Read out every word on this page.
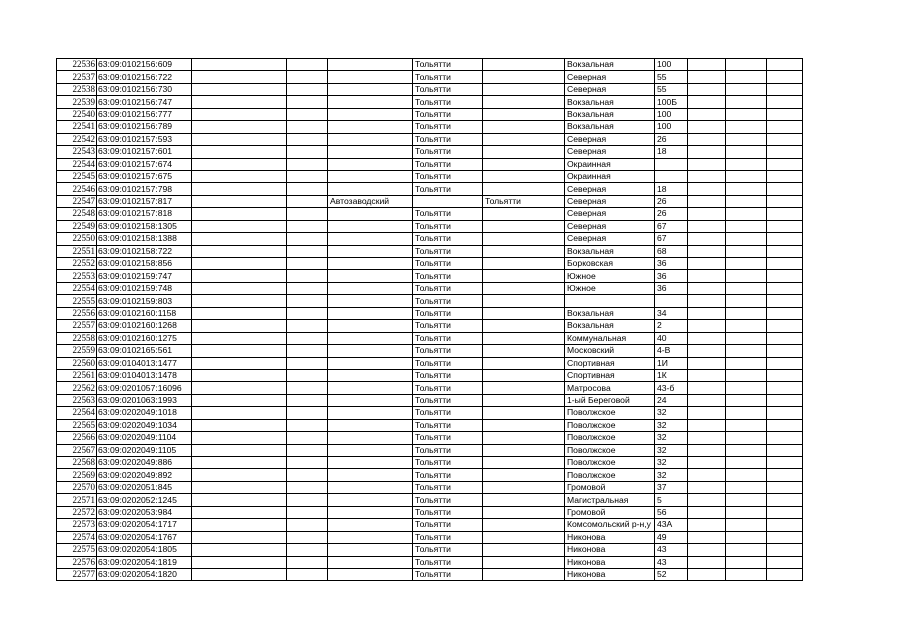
22536	63:09:0102156:609				Тольятти		Вокзальная	100			
22537	63:09:0102156:722				Тольятти		Северная	55			
22538	63:09:0102156:730				Тольятти		Северная	55			
22539	63:09:0102156:747				Тольятти		Вокзальная	100Б			
22540	63:09:0102156:777				Тольятти		Вокзальная	100			
22541	63:09:0102156:789				Тольятти		Вокзальная	100			
22542	63:09:0102157:593				Тольятти		Северная	26			
22543	63:09:0102157:601				Тольятти		Северная	18			
22544	63:09:0102157:674				Тольятти		Окраинная				
22545	63:09:0102157:675				Тольятти		Окраинная				
22546	63:09:0102157:798				Тольятти		Северная	18			
22547	63:09:0102157:817			Автозаводский		Тольятти	Северная	26			
22548	63:09:0102157:818				Тольятти		Северная	26			
22549	63:09:0102158:1305				Тольятти		Северная	67			
22550	63:09:0102158:1388				Тольятти		Северная	67			
22551	63:09:0102158:722				Тольятти		Вокзальная	68			
22552	63:09:0102158:856				Тольятти		Борковская	36			
22553	63:09:0102159:747				Тольятти		Южное	36			
22554	63:09:0102159:748				Тольятти		Южное	36			
22555	63:09:0102159:803				Тольятти						
22556	63:09:0102160:1158				Тольятти		Вокзальная	34			
22557	63:09:0102160:1268				Тольятти		Вокзальная	2			
22558	63:09:0102160:1275				Тольятти		Коммунальная	40			
22559	63:09:0102165:561				Тольятти		Московский	4-В			
22560	63:09:0104013:1477				Тольятти		Спортивная	1И			
22561	63:09:0104013:1478				Тольятти		Спортивная	1К			
22562	63:09:0201057:16096				Тольятти		Матросова	43-б			
22563	63:09:0201063:1993				Тольятти		1-ый Береговой	24			
22564	63:09:0202049:1018				Тольятти		Поволжское	32			
22565	63:09:0202049:1034				Тольятти		Поволжское	32			
22566	63:09:0202049:1104				Тольятти		Поволжское	32			
22567	63:09:0202049:1105				Тольятти		Поволжское	32			
22568	63:09:0202049:886				Тольятти		Поволжское	32			
22569	63:09:0202049:892				Тольятти		Поволжское	32			
22570	63:09:0202051:845				Тольятти		Громовой	37			
22571	63:09:0202052:1245				Тольятти		Магистральная	5			
22572	63:09:0202053:984				Тольятти		Громовой	56			
22573	63:09:0202054:1717				Тольятти		Комсомольский р-н,у	43А			
22574	63:09:0202054:1767				Тольятти		Никонова	49			
22575	63:09:0202054:1805				Тольятти		Никонова	43			
22576	63:09:0202054:1819				Тольятти		Никонова	43			
22577	63:09:0202054:1820				Тольятти		Никонова	52			
